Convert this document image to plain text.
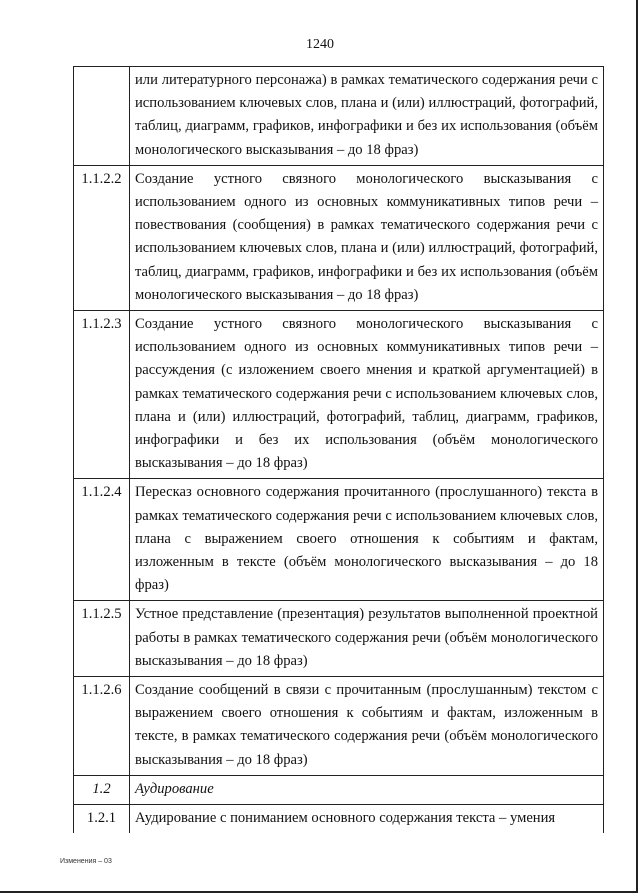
1240
	или литературного персонажа) в рамках тематического содержания речи с использованием ключевых слов, плана и (или) иллюстраций, фотографий, таблиц, диаграмм, графиков, инфографики и без их использования (объём монологического высказывания – до 18 фраз)
1.1.2.2	Создание устного связного монологического высказывания с использованием одного из основных коммуникативных типов речи – повествования (сообщения) в рамках тематического содержания речи с использованием ключевых слов, плана и (или) иллюстраций, фотографий, таблиц, диаграмм, графиков, инфографики и без их использования (объём монологического высказывания – до 18 фраз)
1.1.2.3	Создание устного связного монологического высказывания с использованием одного из основных коммуникативных типов речи – рассуждения (с изложением своего мнения и краткой аргументацией) в рамках тематического содержания речи с использованием ключевых слов, плана и (или) иллюстраций, фотографий, таблиц, диаграмм, графиков, инфографики и без их использования (объём монологического высказывания – до 18 фраз)
1.1.2.4	Пересказ основного содержания прочитанного (прослушанного) текста в рамках тематического содержания речи с использованием ключевых слов, плана с выражением своего отношения к событиям и фактам, изложенным в тексте (объём монологического высказывания – до 18 фраз)
1.1.2.5	Устное представление (презентация) результатов выполненной проектной работы в рамках тематического содержания речи (объём монологического высказывания – до 18 фраз)
1.1.2.6	Создание сообщений в связи с прочитанным (прослушанным) текстом с выражением своего отношения к событиям и фактам, изложенным в тексте, в рамках тематического содержания речи (объём монологического высказывания – до 18 фраз)
1.2	Аудирование
1.2.1	Аудирование с пониманием основного содержания текста – умения
Изменения – 03
